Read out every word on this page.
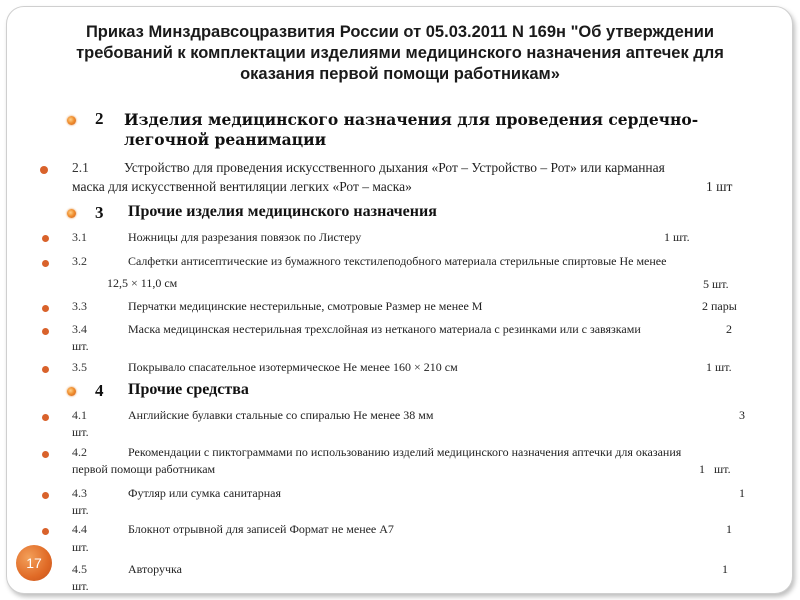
Приказ Минздравсоцразвития России от 05.03.2011 N 169н "Об утверждении требований к комплектации изделиями медицинского назначения аптечек для оказания первой помощи работникам»
2 Изделия медицинского назначения для проведения сердечно-легочной реанимации
2.1	Устройство для проведения искусственного дыхания «Рот – Устройство – Рот» или карманная
маска для искусственной вентиляции легких «Рот – маска»	1 шт
3 Прочие изделия медицинского назначения
3.1	Ножницы для разрезания повязок по Листеру	1 шт.
3.2	Салфетки антисептические из бумажного текстилеподобного материала стерильные спиртовые Не менее
12,5 × 11,0 см	5 шт.
3.3	Перчатки медицинские нестерильные, смотровые Размер не менее М	2 пары
3.4	Маска медицинская нестерильная трехслойная из нетканого материала с резинками или с завязками	2
шт.
3.5	Покрывало спасательное изотермическое Не менее 160 × 210 см	1 шт.
4 Прочие средства
4.1	Английские булавки стальные со спиралью Не менее 38 мм	3
шт.
4.2	Рекомендации с пиктограммами по использованию изделий медицинского назначения аптечки для оказания
первой помощи работникам	1   шт.
4.3	Футляр или сумка санитарная	1
шт.
4.4	Блокнот отрывной для записей Формат не менее А7	1
шт.
4.5	Авторучка	1
шт.
17
